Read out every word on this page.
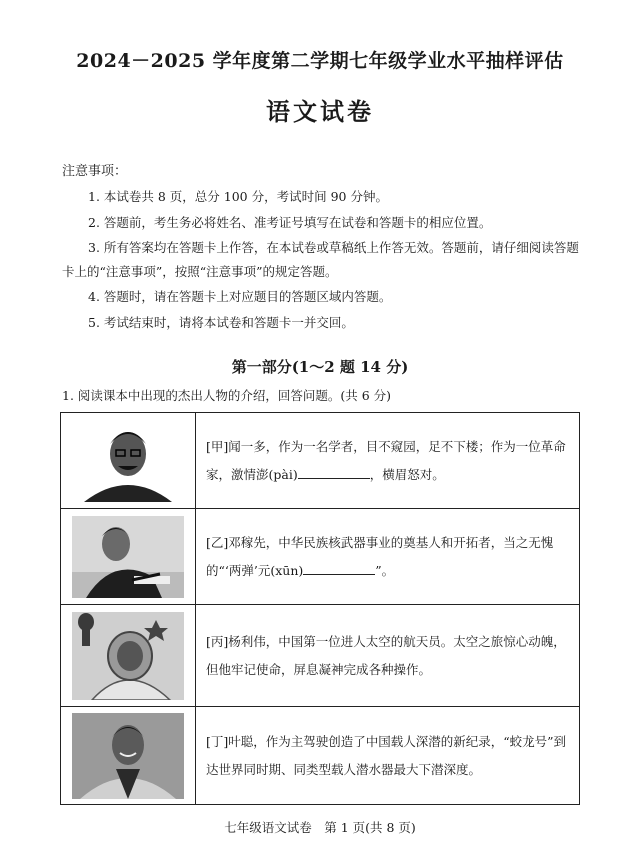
2024－2025 学年度第二学期七年级学业水平抽样评估
语文试卷
注意事项：
1. 本试卷共 8 页，总分 100 分，考试时间 90 分钟。
2. 答题前，考生务必将姓名、准考证号填写在试卷和答题卡的相应位置。
3. 所有答案均在答题卡上作答，在本试卷或草稿纸上作答无效。答题前，请仔细阅读答题卡上的“注意事项”，按照“注意事项”的规定答题。
4. 答题时，请在答题卡上对应题目的答题区域内答题。
5. 考试结束时，请将本试卷和答题卡一并交回。
第一部分(1～2 题 14 分)
1. 阅读课本中出现的杰出人物的介绍，回答问题。(共 6 分)
	[甲]闻一多，作为一名学者，目不窥园，足不下楼；作为一位革命家，激情澎(pài) ，横眉怒对。

	[乙]邓稼先，中华民族核武器事业的奠基人和开拓者，当之无愧的“‘两弹’元(xūn) ”。

	[丙]杨利伟，中国第一位进人太空的航天员。太空之旅惊心动魄，但他牢记使命，屏息凝神完成各种操作。

	[丁]叶聪，作为主驾驶创造了中国载人深潜的新纪录，“蛟龙号”到达世界同时期、同类型载人潜水器最大下潜深度。
七年级语文试卷　第 1 页(共 8 页)
